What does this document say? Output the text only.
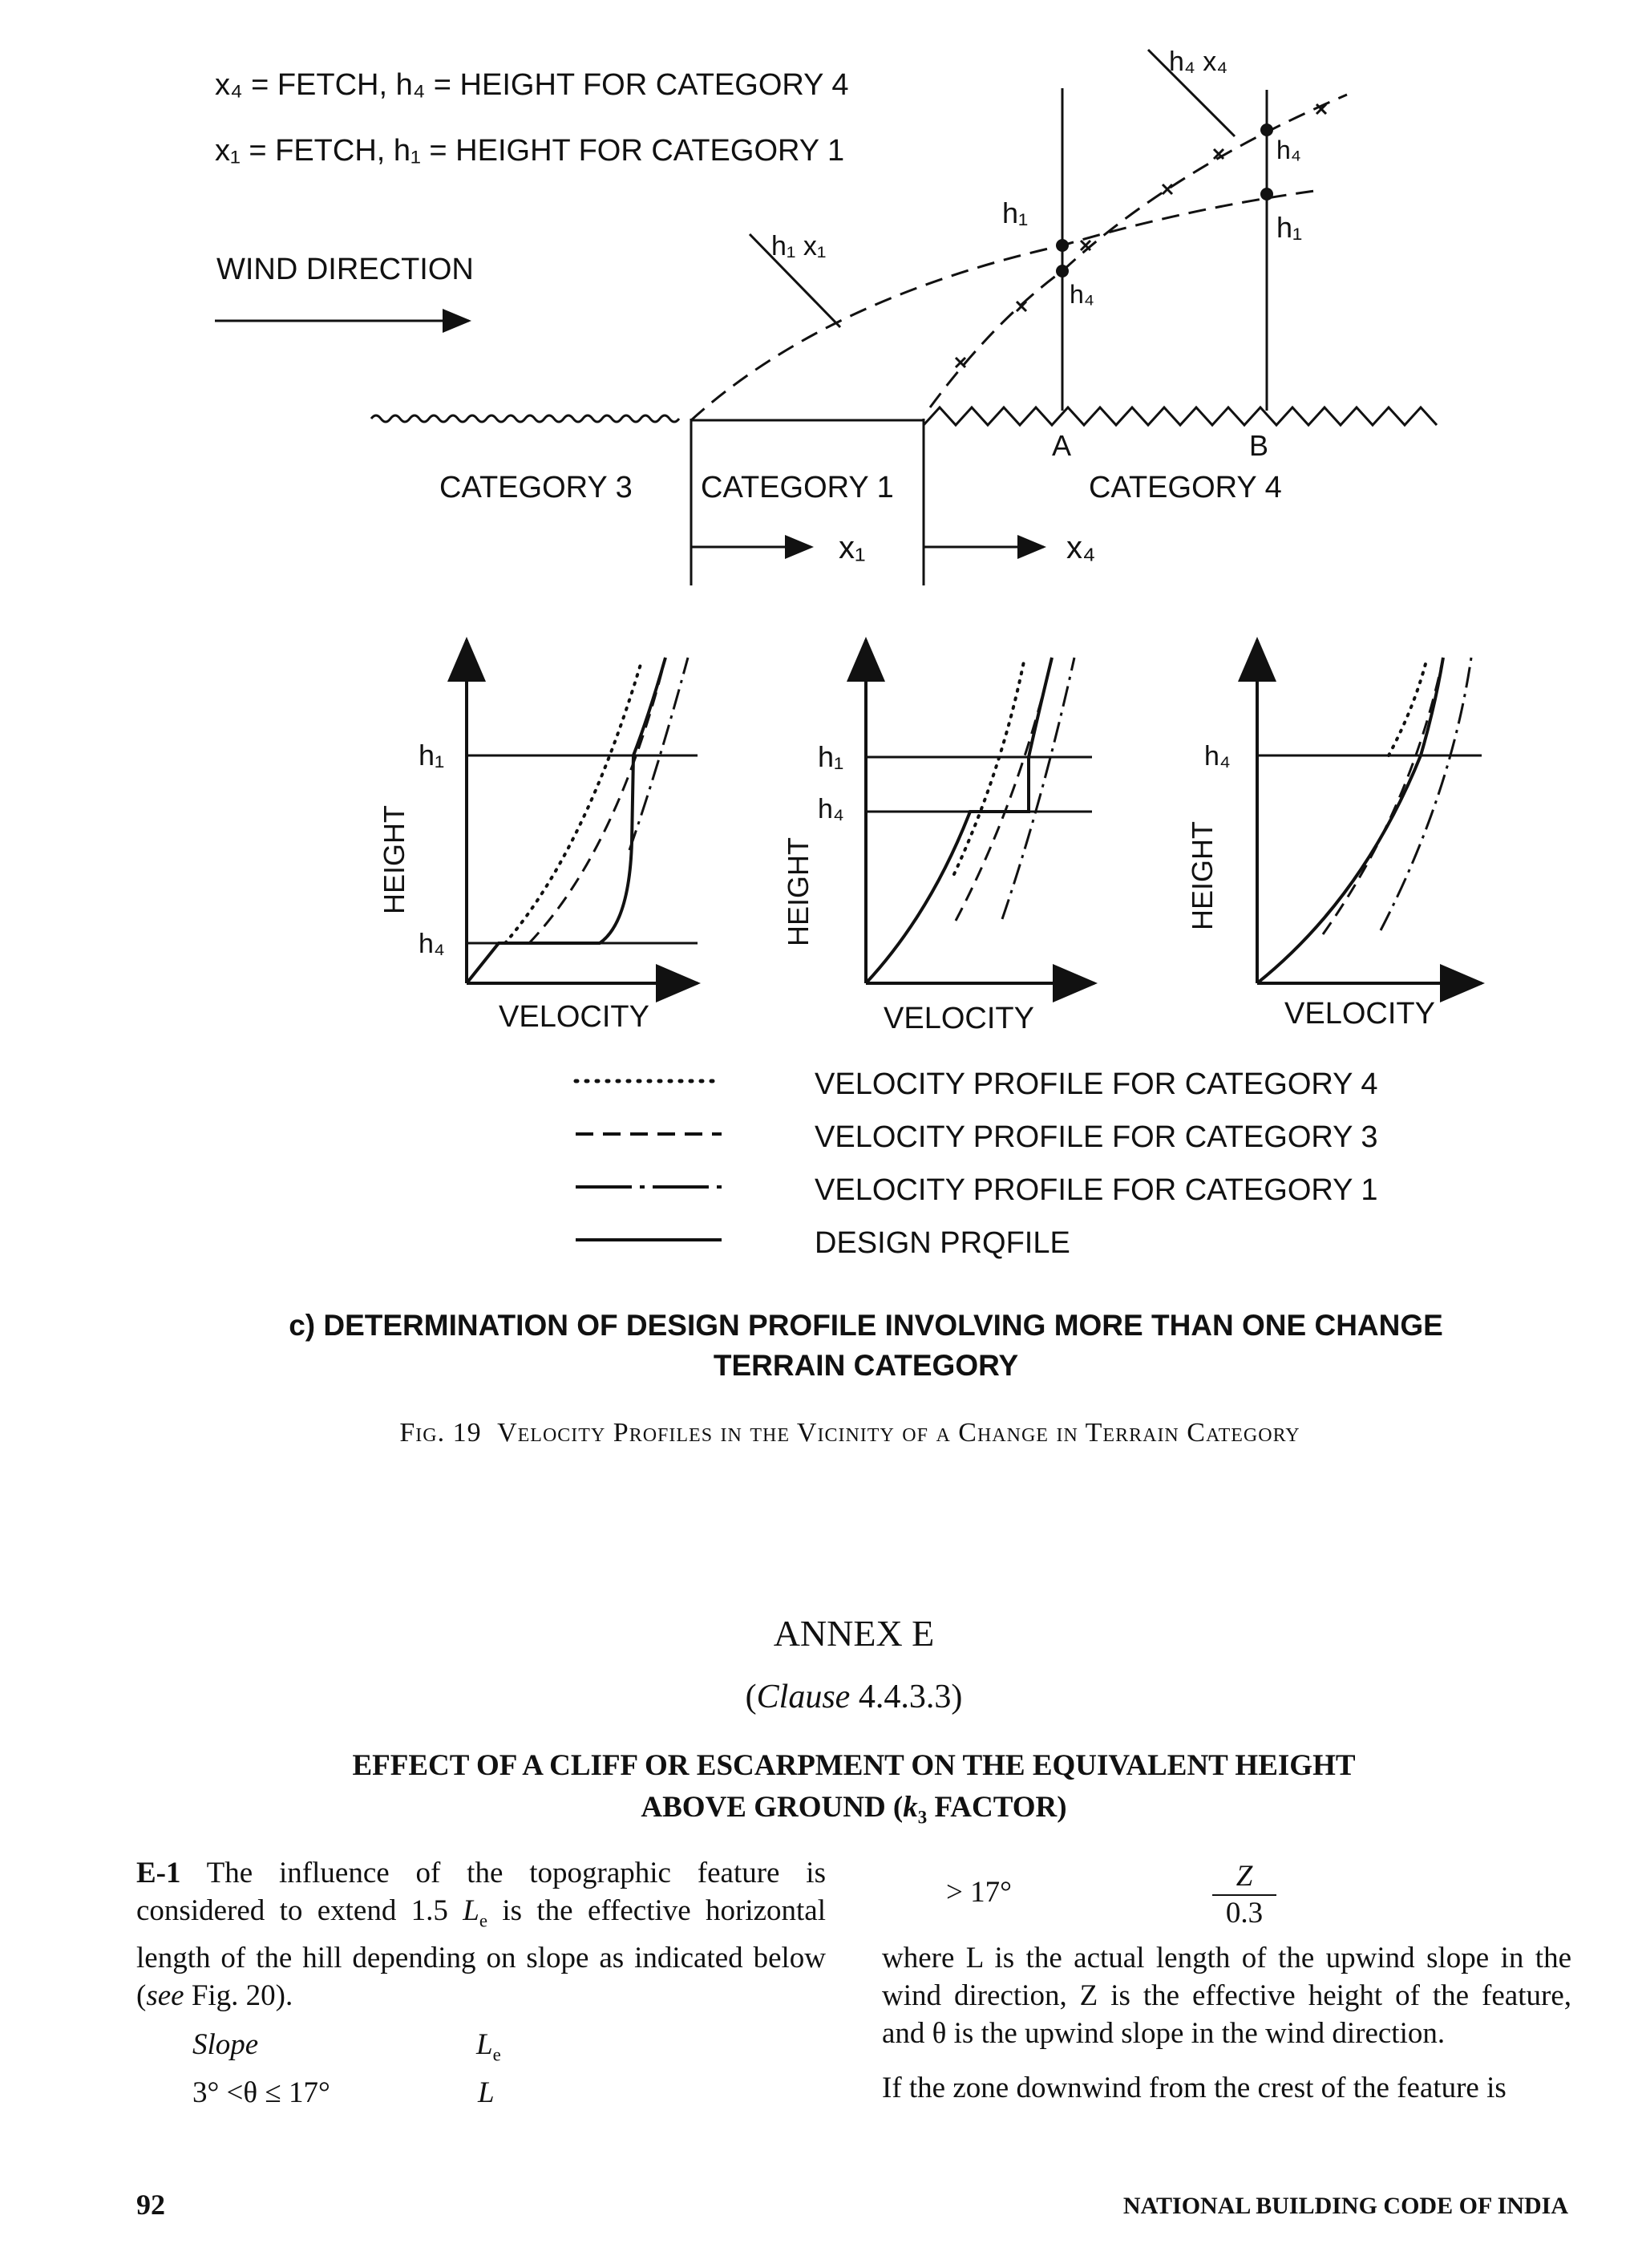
x₄ = FETCH, h₄ = HEIGHT FOR CATEGORY 4
x₁ = FETCH, h₁ = HEIGHT FOR CATEGORY 1
WIND DIRECTION
CATEGORY 3 CATEGORY 1	CATEGORY 4
A	B
x₁	x₄
h₁
h₄
h₄
h₁
h₁ x₁
h₄ x₄
h₁
h₄
HEIGHT
VELOCITY
h₁
h₄
HEIGHT
VELOCITY
h₄
HEIGHT
VELOCITY
VELOCITY PROFILE FOR CATEGORY 4
VELOCITY PROFILE FOR CATEGORY 3
VELOCITY PROFILE FOR CATEGORY 1
DESIGN PRQFILE
c) DETERMINATION OF DESIGN PROFILE INVOLVING MORE THAN ONE CHANGE
TERRAIN CATEGORY
Fig. 19 Velocity Profiles in the Vicinity of a Change in Terrain Category
ANNEX E
(Clause 4.4.3.3)
EFFECT OF A CLIFF OR ESCARPMENT ON THE EQUIVALENT HEIGHT
ABOVE GROUND ($k_3$ FACTOR)
E-1 The influence of the topographic feature is considered to extend 1.5 $L_e$ is the effective horizontal length of the hill depending on slope as indicated below (see Fig. 20).
Slope	$L_e$
3° <θ ≤ 17°	L
> 17°	$\frac{Z}{0.3}$
where L is the actual length of the upwind slope in the wind direction, Z is the effective height of the feature, and θ is the upwind slope in the wind direction.
If the zone downwind from the crest of the feature is
92	NATIONAL BUILDING CODE OF INDIA
